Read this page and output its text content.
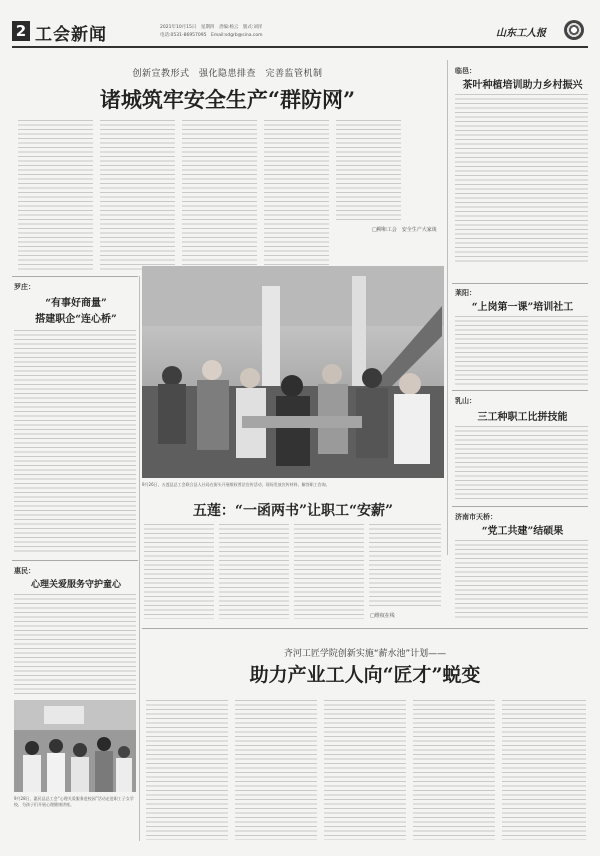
2 工会新闻	2021年10月15日　星期四　责编:杨云　版式:刘洋
电话:0531-86957095　Email:sdgrb@sina.com	山东工人报
创新宣教形式　强化隐患排查　完善监管机制
诸城筑牢安全生产“群防网”
□柳和工会　安全生产大家谈
临邑：
茶叶种植培训助力乡村振兴
罗庄：
“有事好商量”
搭建职企“连心桥”
9月26日，五莲县总工会联合县人社局在街头开展维权普法宣传活动，现场发放宣传材料，解答职工咨询。
五莲：“一函两书”让职工“安薪”
□维权在线
莱阳：
“上岗第一课”培训社工
乳山：
三工种职工比拼技能
济南市天桥：
“党工共建”结硕果
惠民：
心理关爱服务守护童心
9月28日，惠民县总工会“心理关爱服务进校园”活动走进职工子女学校，为孩子们开展心理健康讲座。
齐河工匠学院创新实施“薪水池”计划——
助力产业工人向“匠才”蜕变
